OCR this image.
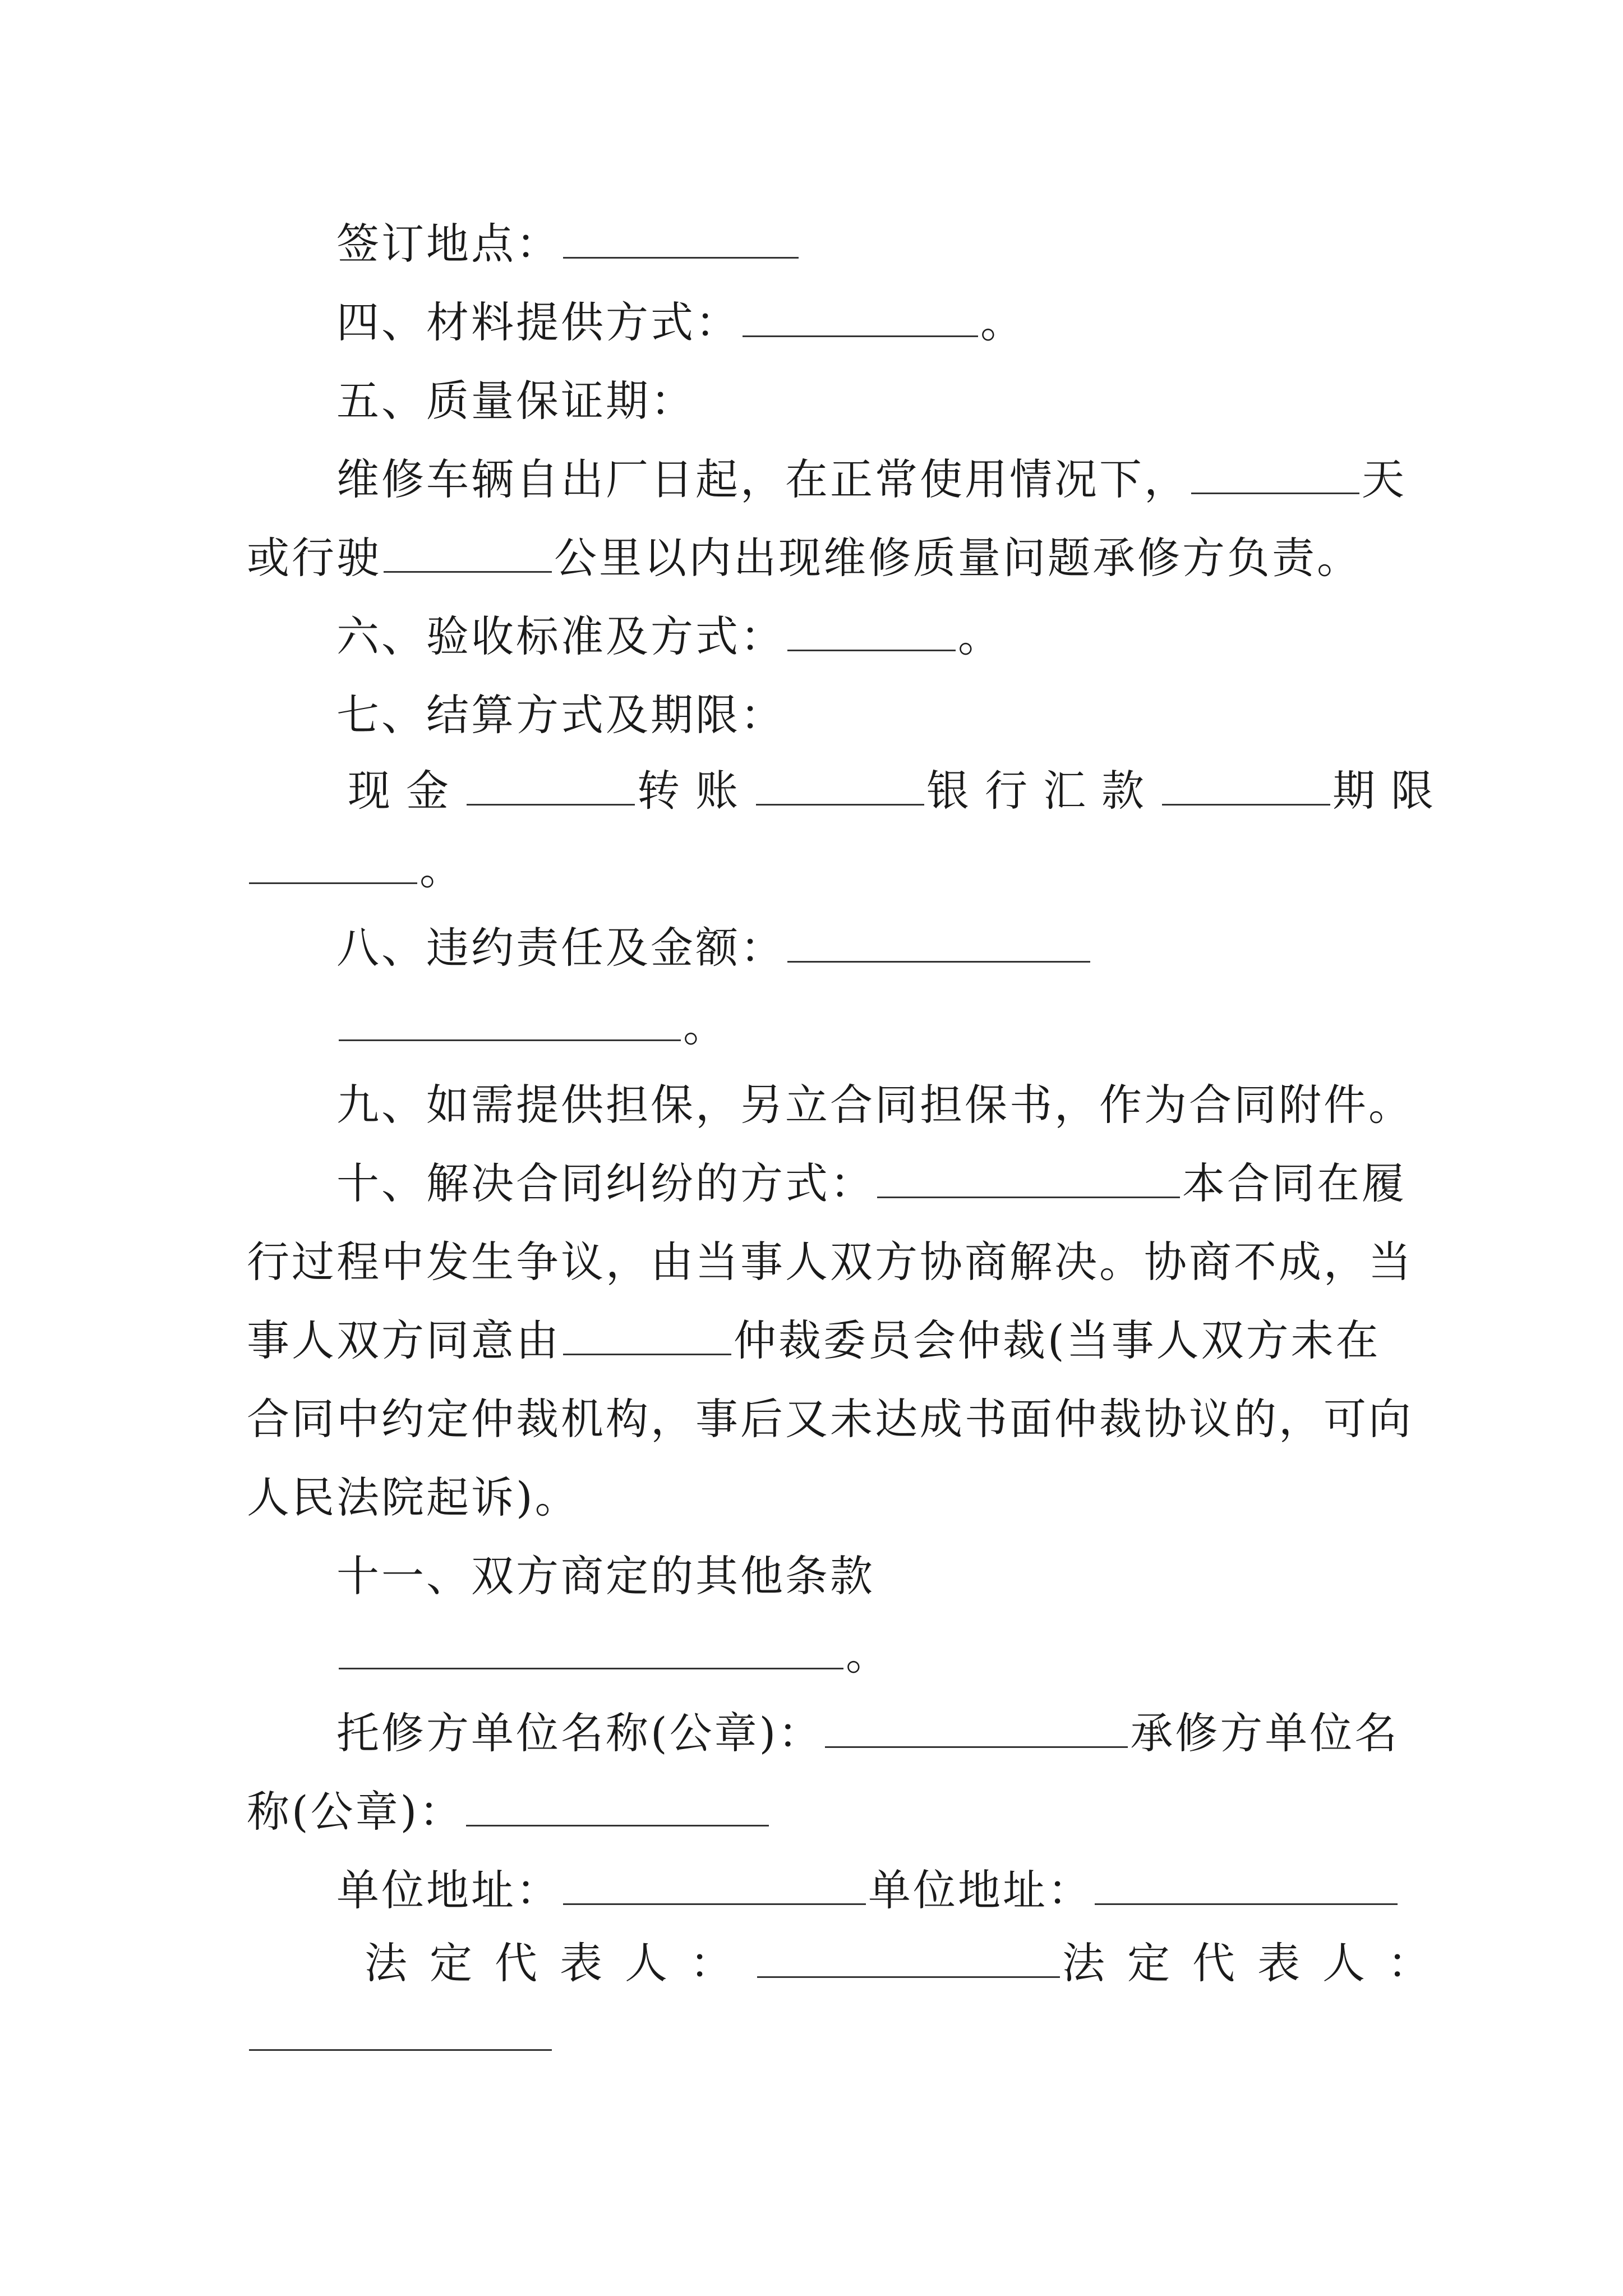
签订地点：
四、材料提供方式：	。
五、质量保证期：
维修车辆自出厂日起，在正常使用情况下，	天
或行驶	公里以内出现维修质量问题承修方负责。
六、验收标准及方式：	。
七、结算方式及期限：
现金	转账	银行汇款	期限
。
八、违约责任及金额：
。
九、如需提供担保，另立合同担保书，作为合同附件。
十、解决合同纠纷的方式：	本合同在履
行过程中发生争议，由当事人双方协商解决。协商不成，当
事人双方同意由	仲裁委员会仲裁(当事人双方未在
合同中约定仲裁机构，事后又未达成书面仲裁协议的，可向
人民法院起诉)。
十一、双方商定的其他条款
。
托修方单位名称(公章)：	承修方单位名
称(公章)：
单位地址：	单位地址：
法定代表人：	法定代表人：
